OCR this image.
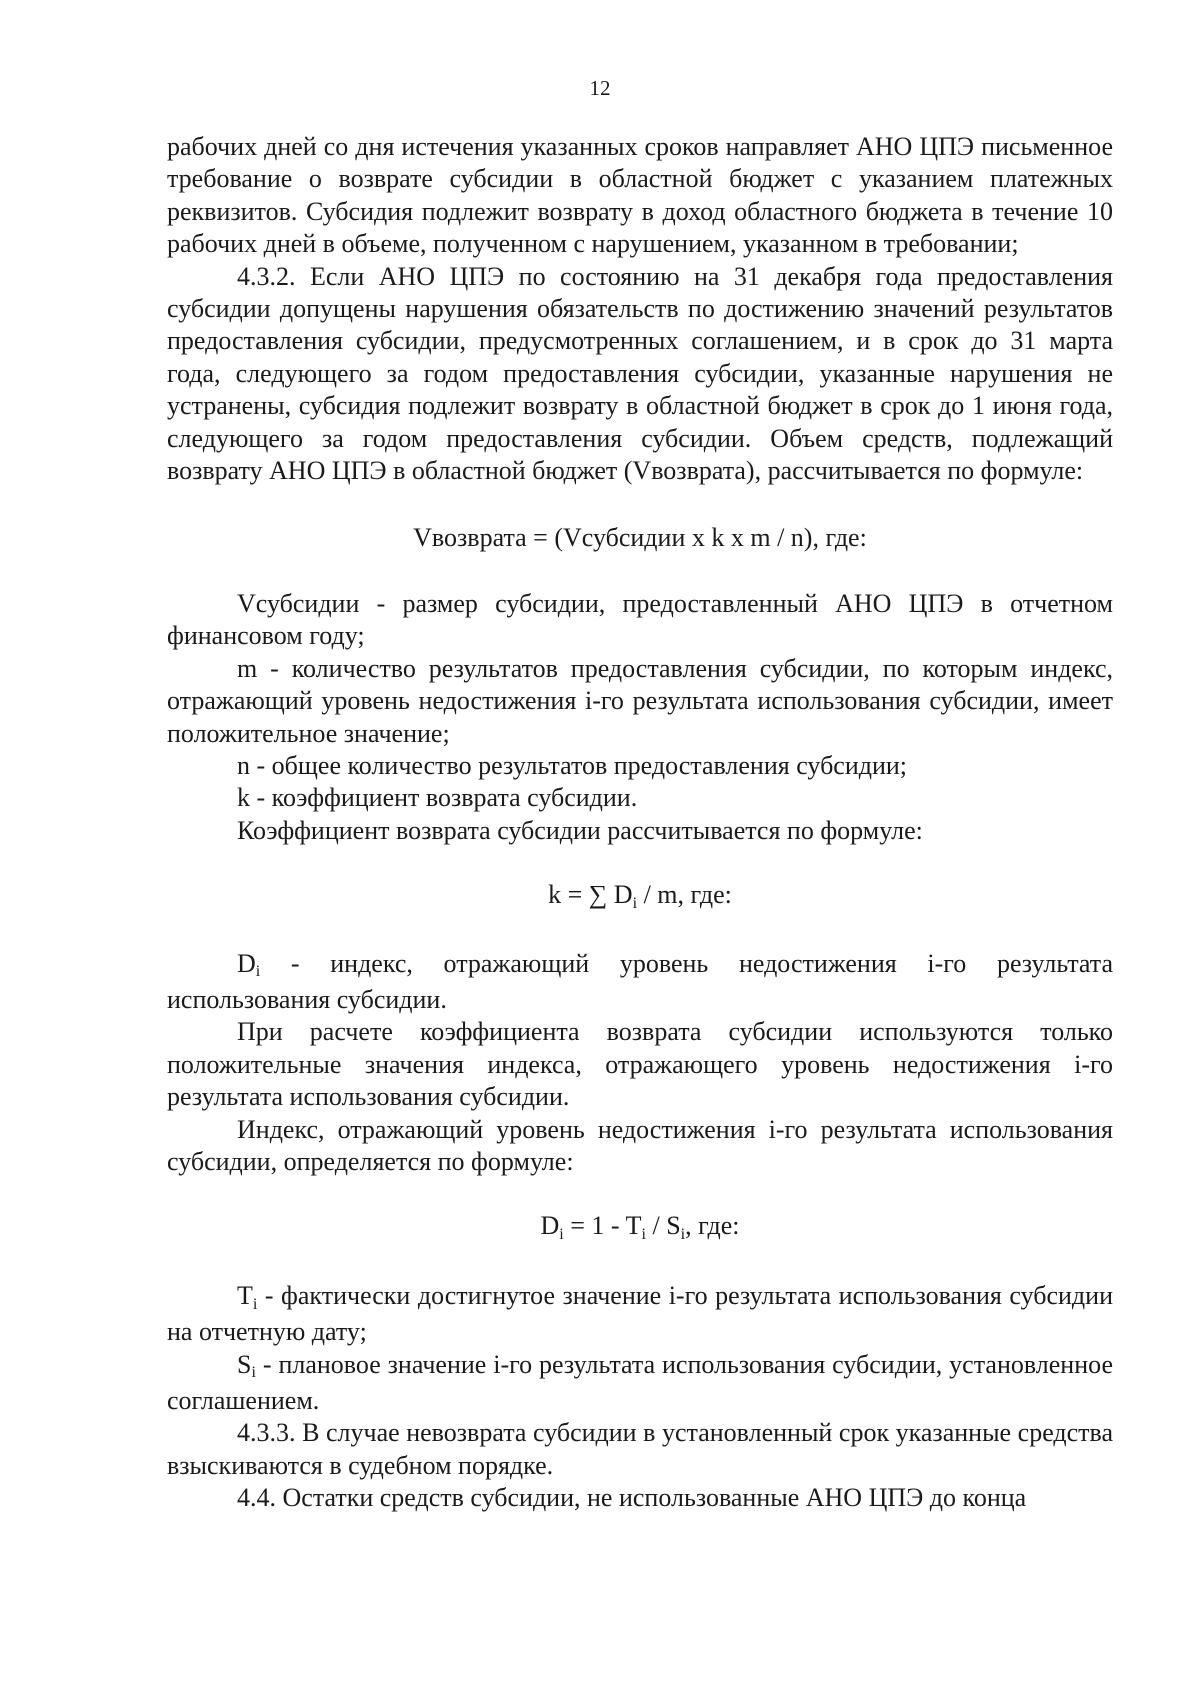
12

рабочих дней со дня истечения указанных сроков направляет АНО ЦПЭ письменное требование о возврате субсидии в областной бюджет с указанием платежных реквизитов. Субсидия подлежит возврату в доход областного бюджета в течение 10 рабочих дней в объеме, полученном с нарушением, указанном в требовании;

4.3.2. Если АНО ЦПЭ по состоянию на 31 декабря года предоставления субсидии допущены нарушения обязательств по достижению значений результатов предоставления субсидии, предусмотренных соглашением, и в срок до 31 марта года, следующего за годом предоставления субсидии, указанные нарушения не устранены, субсидия подлежит возврату в областной бюджет в срок до 1 июня года, следующего за годом предоставления субсидии. Объем средств, подлежащий возврату АНО ЦПЭ в областной бюджет (Vвозврата), рассчитывается по формуле:

Vвозврата = (Vсубсидии x k x m / n), где:

Vсубсидии - размер субсидии, предоставленный АНО ЦПЭ в отчетном финансовом году;

m - количество результатов предоставления субсидии, по которым индекс, отражающий уровень недостижения i-го результата использования субсидии, имеет положительное значение;

n - общее количество результатов предоставления субсидии;

k - коэффициент возврата субсидии.

Коэффициент возврата субсидии рассчитывается по формуле:

k = ∑ $D_i$ / m, где:

$D_i$ - индекс, отражающий уровень недостижения i-го результата использования субсидии.

При расчете коэффициента возврата субсидии используются только положительные значения индекса, отражающего уровень недостижения i-го результата использования субсидии.

Индекс, отражающий уровень недостижения i-го результата использования субсидии, определяется по формуле:

$D_i = 1 - T_i / S_i$, где:

$T_i$ - фактически достигнутое значение i-го результата использования субсидии на отчетную дату;

$S_i$ - плановое значение i-го результата использования субсидии, установленное соглашением.

4.3.3. В случае невозврата субсидии в установленный срок указанные средства взыскиваются в судебном порядке.

4.4. Остатки средств субсидии, не использованные АНО ЦПЭ до конца
